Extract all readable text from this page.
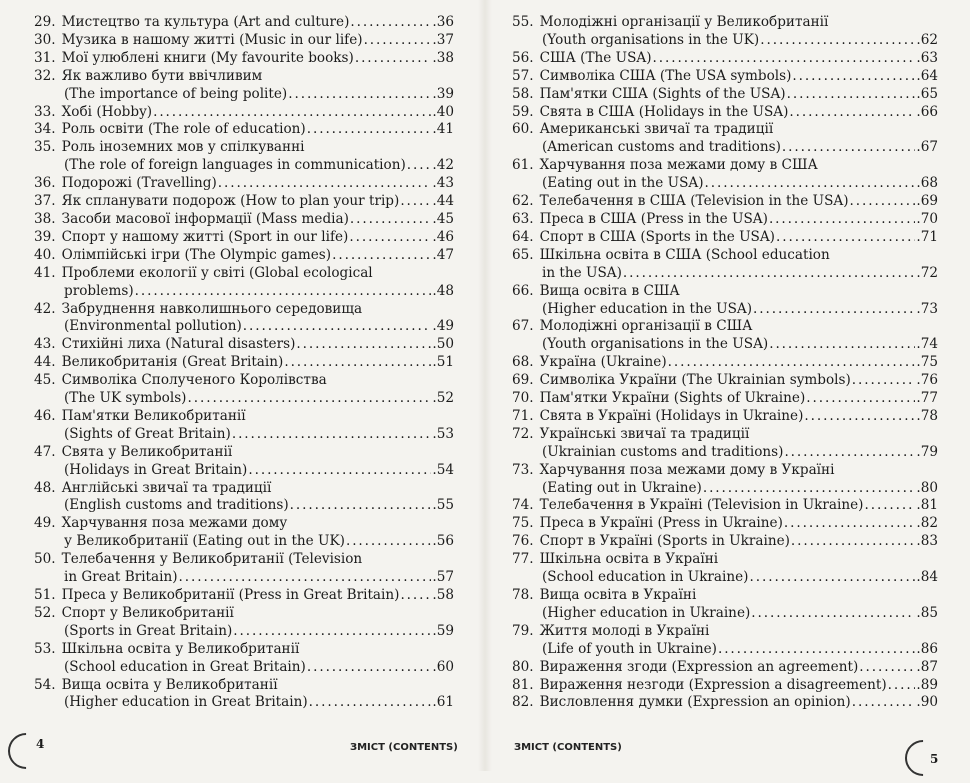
29. Мистецтво та культура (Art and culture) . . .	.36
30. Музика в нашому житті (Music in our life) . . .	.37
31. Мої улюблені книги (My favourite books) . . .	.38
32. Як важливо бути ввічливим
(The importance of being polite) . . .	.39
33. Хобі (Hobby) . . .	.40
34. Роль освіти (The role of education) . . .	.41
35. Роль іноземних мов у спілкуванні
(The role of foreign languages in communication) . . . .42
36. Подорожі (Travelling) . . .	.43
37. Як спланувати подорож (How to plan your trip) . . . .44
38. Засоби масової інформації (Mass media) . . .	.45
39. Спорт у нашому житті (Sport in our life) . . .	.46
40. Олімпійські ігри (The Olympic games) . . .	.47
41. Проблеми екології у світі (Global ecological
problems) . . .	.48
42. Забруднення навколишнього середовища
(Environmental pollution) . . .	.49
43. Стихійні лиха (Natural disasters) . . .	.50
44. Великобританія (Great Britain) . . .	.51
45. Символіка Сполученого Королівства
(The UK symbols) . . .	.52
46. Пам'ятки Великобританії
(Sights of Great Britain) . . .	.53
47. Свята у Великобританії
(Holidays in Great Britain) . . .	.54
48. Англійські звичаї та традиції
(English customs and traditions) . . .	.55
49. Харчування поза межами дому
у Великобританії (Eating out in the UK) . . .	.56
50. Телебачення у Великобританії (Television
in Great Britain) . . .	.57
51. Преса у Великобританії (Press in Great Britain) . . . .58
52. Спорт у Великобританії
(Sports in Great Britain) . . .	.59
53. Шкільна освіта у Великобританії
(School education in Great Britain) . . .	.60
54. Вища освіта у Великобританії
(Higher education in Great Britain) . . .	.61
55. Молодіжні організації у Великобританії
(Youth organisations in the UK) . . .	.62
56. США (The USA) . . .	.63
57. Символіка США (The USA symbols) . . .	.64
58. Пам'ятки США (Sights of the USA) . . .	.65
59. Свята в США (Holidays in the USA) . . .	.66
60. Американські звичаї та традиції
(American customs and traditions) . . .	.67
61. Харчування поза межами дому в США
(Eating out in the USA) . . .	.68
62. Телебачення в США (Television in the USA) . . .	.69
63. Преса в США (Press in the USA) . . .	.70
64. Спорт в США (Sports in the USA) . . .	.71
65. Шкільна освіта в США (School education
in the USA) . . .	.72
66. Вища освіта в США
(Higher education in the USA) . . .	.73
67. Молодіжні організації в США
(Youth organisations in the USA) . . .	.74
68. Україна (Ukraine) . . .	.75
69. Символіка України (The Ukrainian symbols) . . .	.76
70. Пам'ятки України (Sights of Ukraine) . . .	.77
71. Свята в Україні (Holidays in Ukraine) . . .	.78
72. Українські звичаї та традиції
(Ukrainian customs and traditions) . . .	.79
73. Харчування поза межами дому в Україні
(Eating out in Ukraine) . . .	.80
74. Телебачення в Україні (Television in Ukraine) . . .	.81
75. Преса в Україні (Press in Ukraine) . . .	.82
76. Спорт в Україні (Sports in Ukraine) . . .	.83
77. Шкільна освіта в Україні
(School education in Ukraine) . . .	.84
78. Вища освіта в Україні
(Higher education in Ukraine) . . .	.85
79. Життя молоді в Україні
(Life of youth in Ukraine) . . .	.86
80. Вираження згоди (Expression an agreement) . . .	.87
81. Вираження незгоди (Expression a disagreement) . . . .89
82. Висловлення думки (Expression an opinion) . . .	.90
4	ЗМІСТ (CONTENTS)	ЗМІСТ (CONTENTS)
5
